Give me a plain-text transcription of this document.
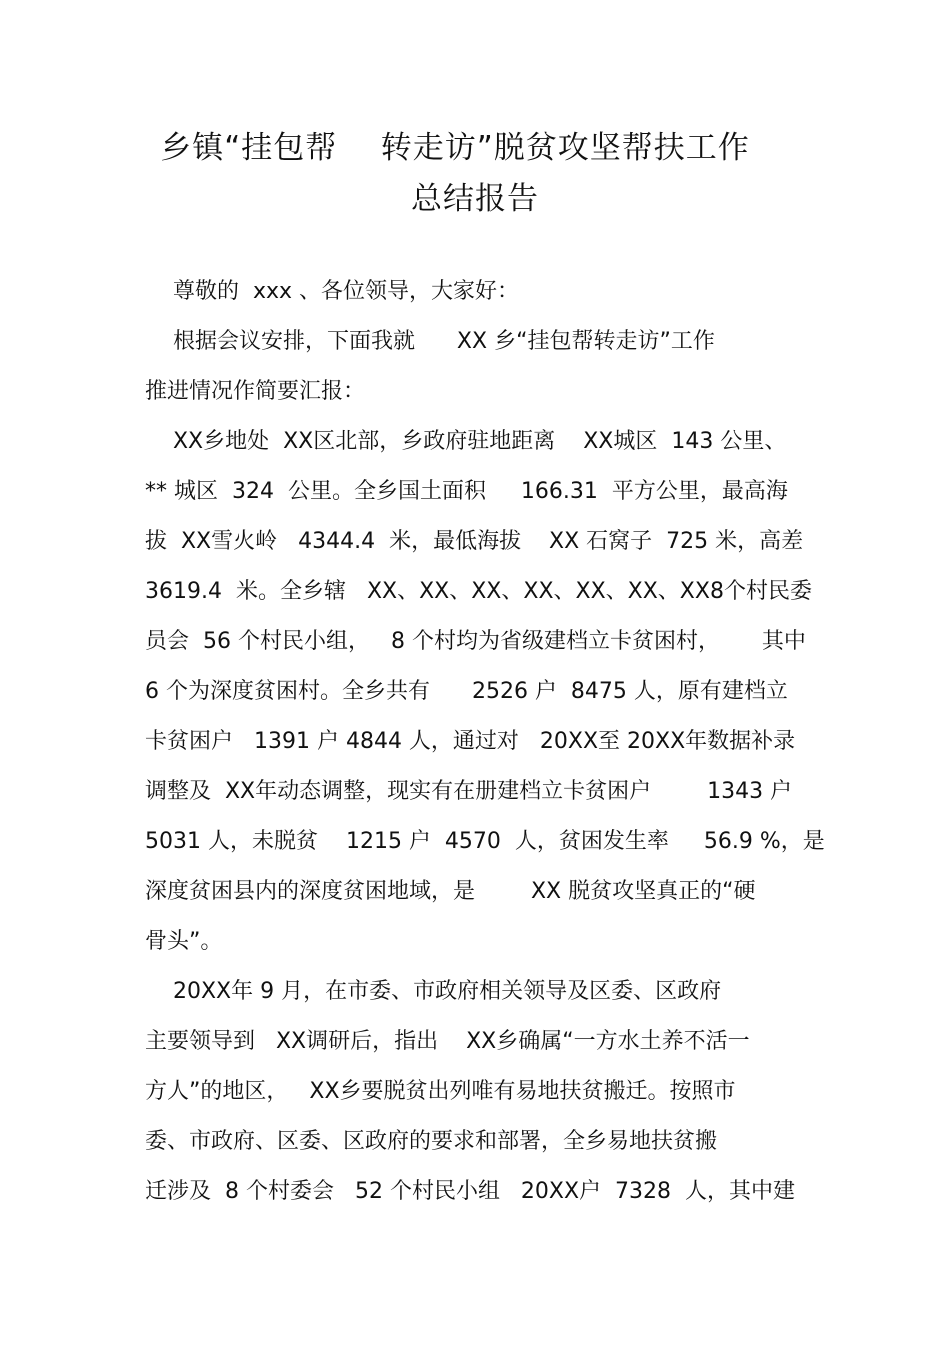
乡镇“挂包帮    转走访”脱贫攻坚帮扶工作
总结报告
尊敬的  xxx 、各位领导，大家好：
根据会议安排，下面我就      XX 乡“挂包帮转走访”工作
推进情况作简要汇报：
XX乡地处  XX区北部，乡政府驻地距离    XX城区  143 公里、
** 城区  324  公里。全乡国土面积     166.31  平方公里，最高海
拔  XX雪火岭   4344.4  米，最低海拔    XX 石窝子  725 米，高差
3619.4  米。全乡辖   XX、XX、XX、XX、XX、XX、XX8个村民委
员会  56 个村民小组，   8 个村均为省级建档立卡贫困村，      其中
6 个为深度贫困村。全乡共有      2526 户  8475 人，原有建档立
卡贫困户   1391 户 4844 人，通过对   20XX至 20XX年数据补录
调整及  XX年动态调整，现实有在册建档立卡贫困户        1343 户
5031 人，未脱贫    1215 户  4570  人，贫困发生率     56.9 %，是
深度贫困县内的深度贫困地域，是        XX 脱贫攻坚真正的“硬
骨头”。
20XX年 9 月，在市委、市政府相关领导及区委、区政府
主要领导到   XX调研后，指出    XX乡确属“一方水土养不活一
方人”的地区，   XX乡要脱贫出列唯有易地扶贫搬迁。按照市
委、市政府、区委、区政府的要求和部署，全乡易地扶贫搬
迁涉及  8 个村委会   52 个村民小组   20XX户  7328  人，其中建
